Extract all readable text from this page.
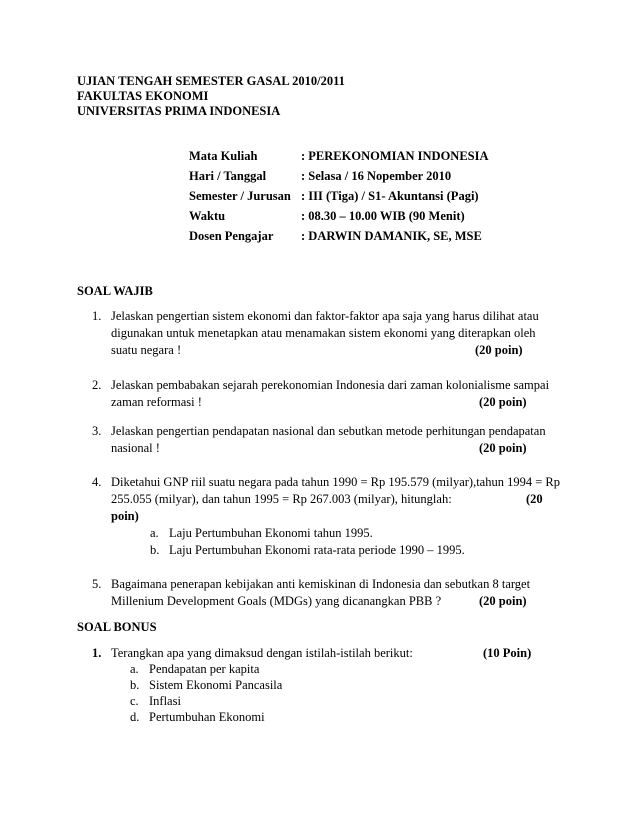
UJIAN TENGAH SEMESTER GASAL 2010/2011
FAKULTAS EKONOMI
UNIVERSITAS PRIMA INDONESIA
Mata Kuliah	: PEREKONOMIAN INDONESIA
Hari / Tanggal	: Selasa / 16 Nopember 2010
Semester / Jurusan : III (Tiga) / S1- Akuntansi (Pagi)
Waktu	: 08.30 – 10.00 WIB (90 Menit)
Dosen Pengajar : DARWIN DAMANIK, SE, MSE
SOAL WAJIB
1. Jelaskan pengertian sistem ekonomi dan faktor-faktor apa saja yang harus dilihat atau
digunakan untuk menetapkan atau menamakan sistem ekonomi yang diterapkan oleh
suatu negara !	(20 poin)
2. Jelaskan pembabakan sejarah perekonomian Indonesia dari zaman kolonialisme sampai
zaman reformasi !	(20 poin)
3. Jelaskan pengertian pendapatan nasional dan sebutkan metode perhitungan pendapatan
nasional !	(20 poin)
4. Diketahui GNP riil suatu negara pada tahun 1990 = Rp 195.579 (milyar),tahun 1994 = Rp
255.055 (milyar), dan tahun 1995 = Rp 267.003 (milyar), hitunglah:	(20
poin)
a. Laju Pertumbuhan Ekonomi tahun 1995.
b. Laju Pertumbuhan Ekonomi rata-rata periode 1990 – 1995.
5. Bagaimana penerapan kebijakan anti kemiskinan di Indonesia dan sebutkan 8 target
Millenium Development Goals (MDGs) yang dicanangkan PBB ?	(20 poin)
SOAL BONUS
1. Terangkan apa yang dimaksud dengan istilah-istilah berikut:	(10 Poin)
a. Pendapatan per kapita
b. Sistem Ekonomi Pancasila
c. Inflasi
d. Pertumbuhan Ekonomi
